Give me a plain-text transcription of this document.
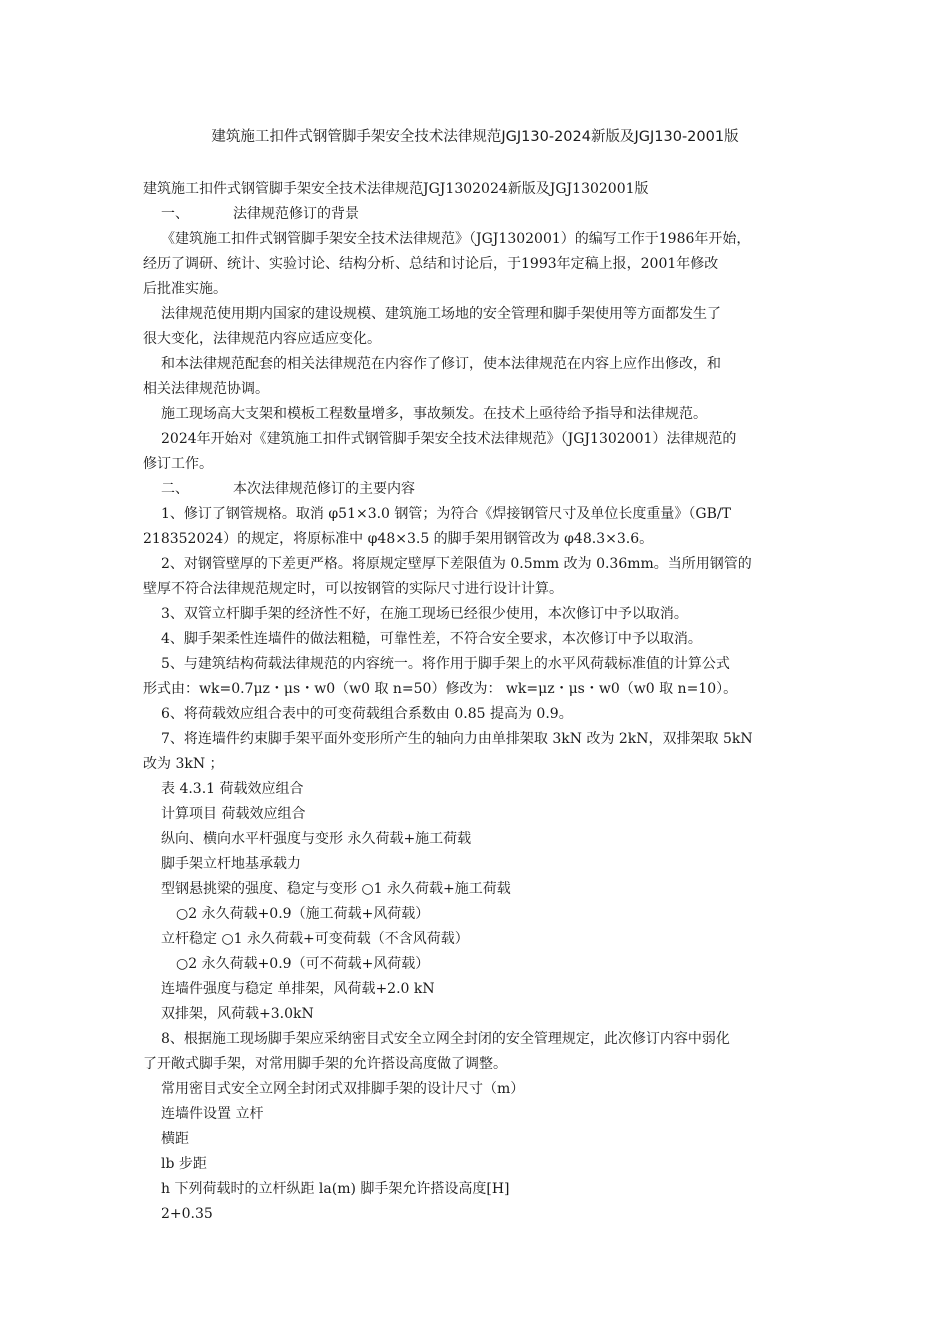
建筑施工扣件式钢管脚手架安全技术法律规范JGJ130-2024新版及JGJ130-2001版
建筑施工扣件式钢管脚手架安全技术法律规范JGJ1302024新版及JGJ1302001版
一、	法律规范修订的背景
《建筑施工扣件式钢管脚手架安全技术法律规范》（JGJ1302001）的编写工作于1986年开始，
经历了调研、统计、实验讨论、结构分析、总结和讨论后，于1993年定稿上报，2001年修改
后批准实施。
法律规范使用期内国家的建设规模、建筑施工场地的安全管理和脚手架使用等方面都发生了
很大变化，法律规范内容应适应变化。
和本法律规范配套的相关法律规范在内容作了修订，使本法律规范在内容上应作出修改，和
相关法律规范协调。
施工现场高大支架和模板工程数量增多，事故频发。在技术上亟待给予指导和法律规范。
2024年开始对《建筑施工扣件式钢管脚手架安全技术法律规范》（JGJ1302001）法律规范的
修订工作。
二、	本次法律规范修订的主要内容
1、修订了钢管规格。取消 φ51×3.0 钢管；为符合《焊接钢管尺寸及单位长度重量》（GB/T
218352024）的规定，将原标准中 φ48×3.5 的脚手架用钢管改为 φ48.3×3.6。
2、对钢管壁厚的下差更严格。将原规定壁厚下差限值为 0.5mm 改为 0.36mm。当所用钢管的
壁厚不符合法律规范规定时，可以按钢管的实际尺寸进行设计计算。
3、双管立杆脚手架的经济性不好，在施工现场已经很少使用，本次修订中予以取消。
4、脚手架柔性连墙件的做法粗糙，可靠性差，不符合安全要求，本次修订中予以取消。
5、与建筑结构荷载法律规范的内容统一。将作用于脚手架上的水平风荷载标准值的计算公式
形式由：wk=0.7μz・μs・w0（w0 取 n=50）修改为： wk=μz・μs・w0（w0 取 n=10）。
6、将荷载效应组合表中的可变荷载组合系数由 0.85 提高为 0.9。
7、将连墙件约束脚手架平面外变形所产生的轴向力由单排架取 3kN 改为 2kN，双排架取 5kN
改为 3kN ；
表 4.3.1 荷载效应组合
计算项目 荷载效应组合
纵向、横向水平杆强度与变形 永久荷载+施工荷载
脚手架立杆地基承载力
型钢悬挑梁的强度、稳定与变形 ○1 永久荷载+施工荷载
○2 永久荷载+0.9（施工荷载+风荷载）
立杆稳定 ○1 永久荷载+可变荷载（不含风荷载）
○2 永久荷载+0.9（可不荷载+风荷载）
连墙件强度与稳定 单排架，风荷载+2.0 kN
双排架，风荷载+3.0kN
8、根据施工现场脚手架应采纳密目式安全立网全封闭的安全管理规定，此次修订内容中弱化
了开敞式脚手架，对常用脚手架的允许搭设高度做了调整。
常用密目式安全立网全封闭式双排脚手架的设计尺寸（m）
连墙件设置 立杆
横距
lb 步距
h 下列荷载时的立杆纵距 la(m) 脚手架允许搭设高度[H]
2+0.35
